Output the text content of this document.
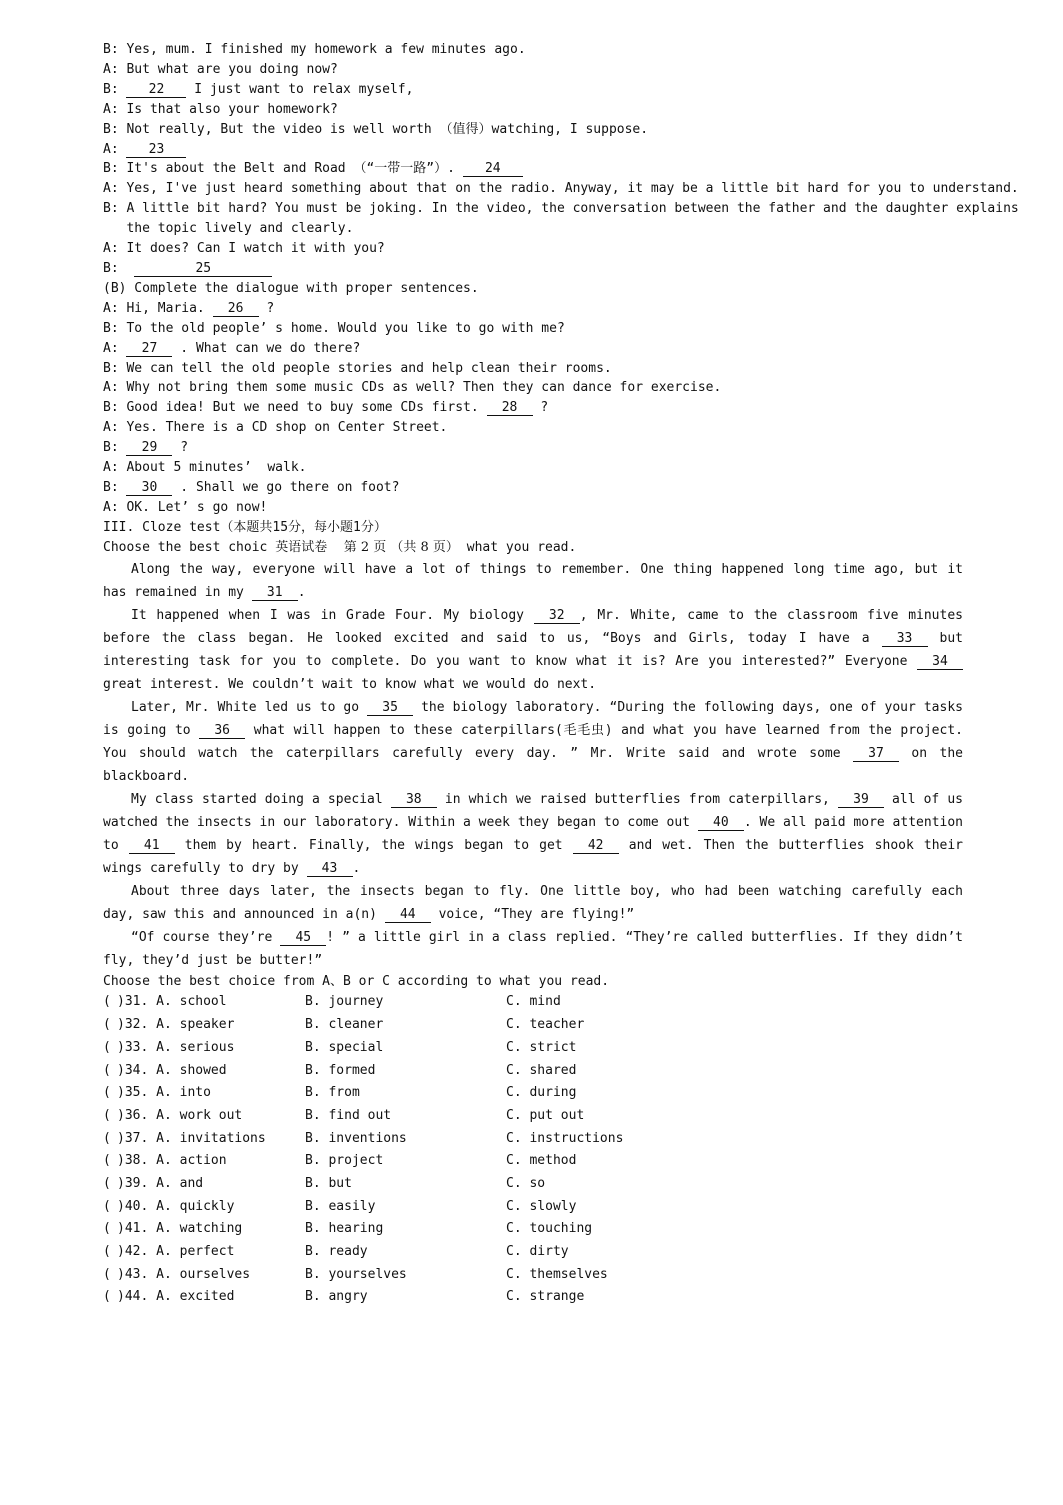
B: Yes, mum. I finished my homework a few minutes ago.
A: But what are you doing now?
B: 22 I just want to relax myself,
A: Is that also your homework?
B: Not really, But the video is well worth （值得）watching, I suppose.
A: 23
B: It's about the Belt and Road （“一带一路”）. 24
A: Yes, I've just heard something about that on the radio. Anyway, it may be a little bit hard for you to understand.
B: A little bit hard? You must be joking. In the video, the conversation between the father and the daughter explains
the topic lively and clearly.
A: It does? Can I watch it with you?
B:	25
(B) Complete the dialogue with proper sentences.
A: Hi, Maria. 26 ?
B: To the old people’ s home. Would you like to go with me?
A: 27 . What can we do there?
B: We can tell the old people stories and help clean their rooms.
A: Why not bring them some music CDs as well? Then they can dance for exercise.
B: Good idea! But we need to buy some CDs first. 28 ?
A: Yes. There is a CD shop on Center Street.
B: 29 ?
A: About 5 minutes’  walk.
B: 30 . Shall we go there on foot?
A: OK. Let’ s go now!
III. Cloze test（本题共15分，每小题1分）
Choose the best choic 英语试卷    第 2 页 （共 8 页） what you read.
Along the way, everyone will have a lot of things to remember. One thing happened long time ago, but it has remained in my 31 .
It happened when I was in Grade Four. My biology 32 , Mr. White, came to the classroom five minutes before the class began. He looked excited and said to us, “Boys and Girls, today I have a 33 but interesting task for you to complete. Do you want to know what it is? Are you interested?” Everyone 34 great interest. We couldn’t wait to know what we would do next.
Later, Mr. White led us to go 35 the biology laboratory. “During the following days, one of your tasks is going to 36 what will happen to these caterpillars(毛毛虫) and what you have learned from the project. You should watch the caterpillars carefully every day. ” Mr. Write said and wrote some 37 on the blackboard.
My class started doing a special 38 in which we raised butterflies from caterpillars, 39 all of us watched the insects in our laboratory. Within a week they began to come out 40 . We all paid more attention to 41 them by heart. Finally, the wings began to get 42 and wet. Then the butterflies shook their wings carefully to dry by 43 .
About three days later, the insects began to fly. One little boy, who had been watching carefully each day, saw this and announced in a(n) 44 voice, “They are flying!”
“Of course they’re 45 ! ” a little girl in a class replied. “They’re called butterflies. If they didn’t fly, they’d just be butter!”
Choose the best choice from A、B or C according to what you read.
( )31. A. school	B. journey	C. mind
( )32. A. speaker	B. cleaner	C. teacher
( )33. A. serious	B. special	C. strict
( )34. A. showed	B. formed	C. shared
( )35. A. into	B. from	C. during
( )36. A. work out	B. find out	C. put out
( )37. A. invitations	B. inventions	C. instructions
( )38. A. action	B. project	C. method
( )39. A. and	B. but	C. so
( )40. A. quickly	B. easily	C. slowly
( )41. A. watching	B. hearing	C. touching
( )42. A. perfect	B. ready	C. dirty
( )43. A. ourselves	B. yourselves	C. themselves
( )44. A. excited	B. angry	C. strange
